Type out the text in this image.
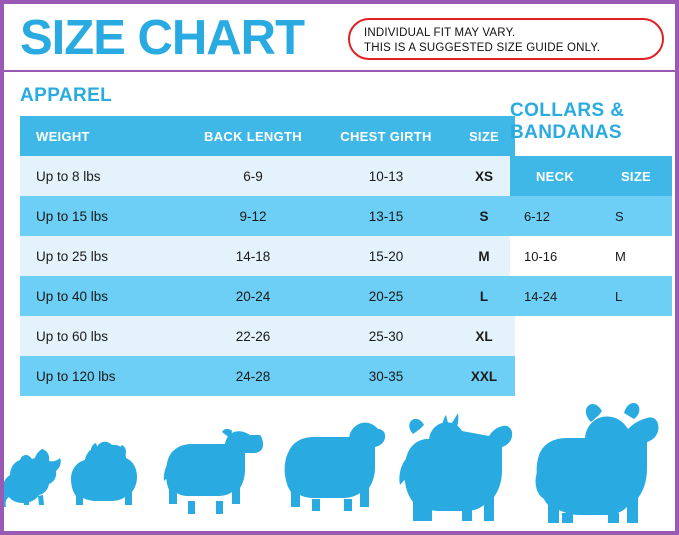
SIZE CHART	INDIVIDUAL FIT MAY VARY.
THIS IS A SUGGESTED SIZE GUIDE ONLY.
APPAREL
WEIGHT	BACK LENGTH	CHEST GIRTH	SIZE
Up to 8 lbs	6-9	10-13	XS
Up to 15 lbs	9-12	13-15	S
Up to 25 lbs	14-18	15-20	M
Up to 40 lbs	20-24	20-25	L
Up to 60 lbs	22-26	25-30	XL
Up to 120 lbs	24-28	30-35	XXL
COLLARS & BANDANAS
NECK	SIZE
6-12	S
10-16	M
14-24	L
